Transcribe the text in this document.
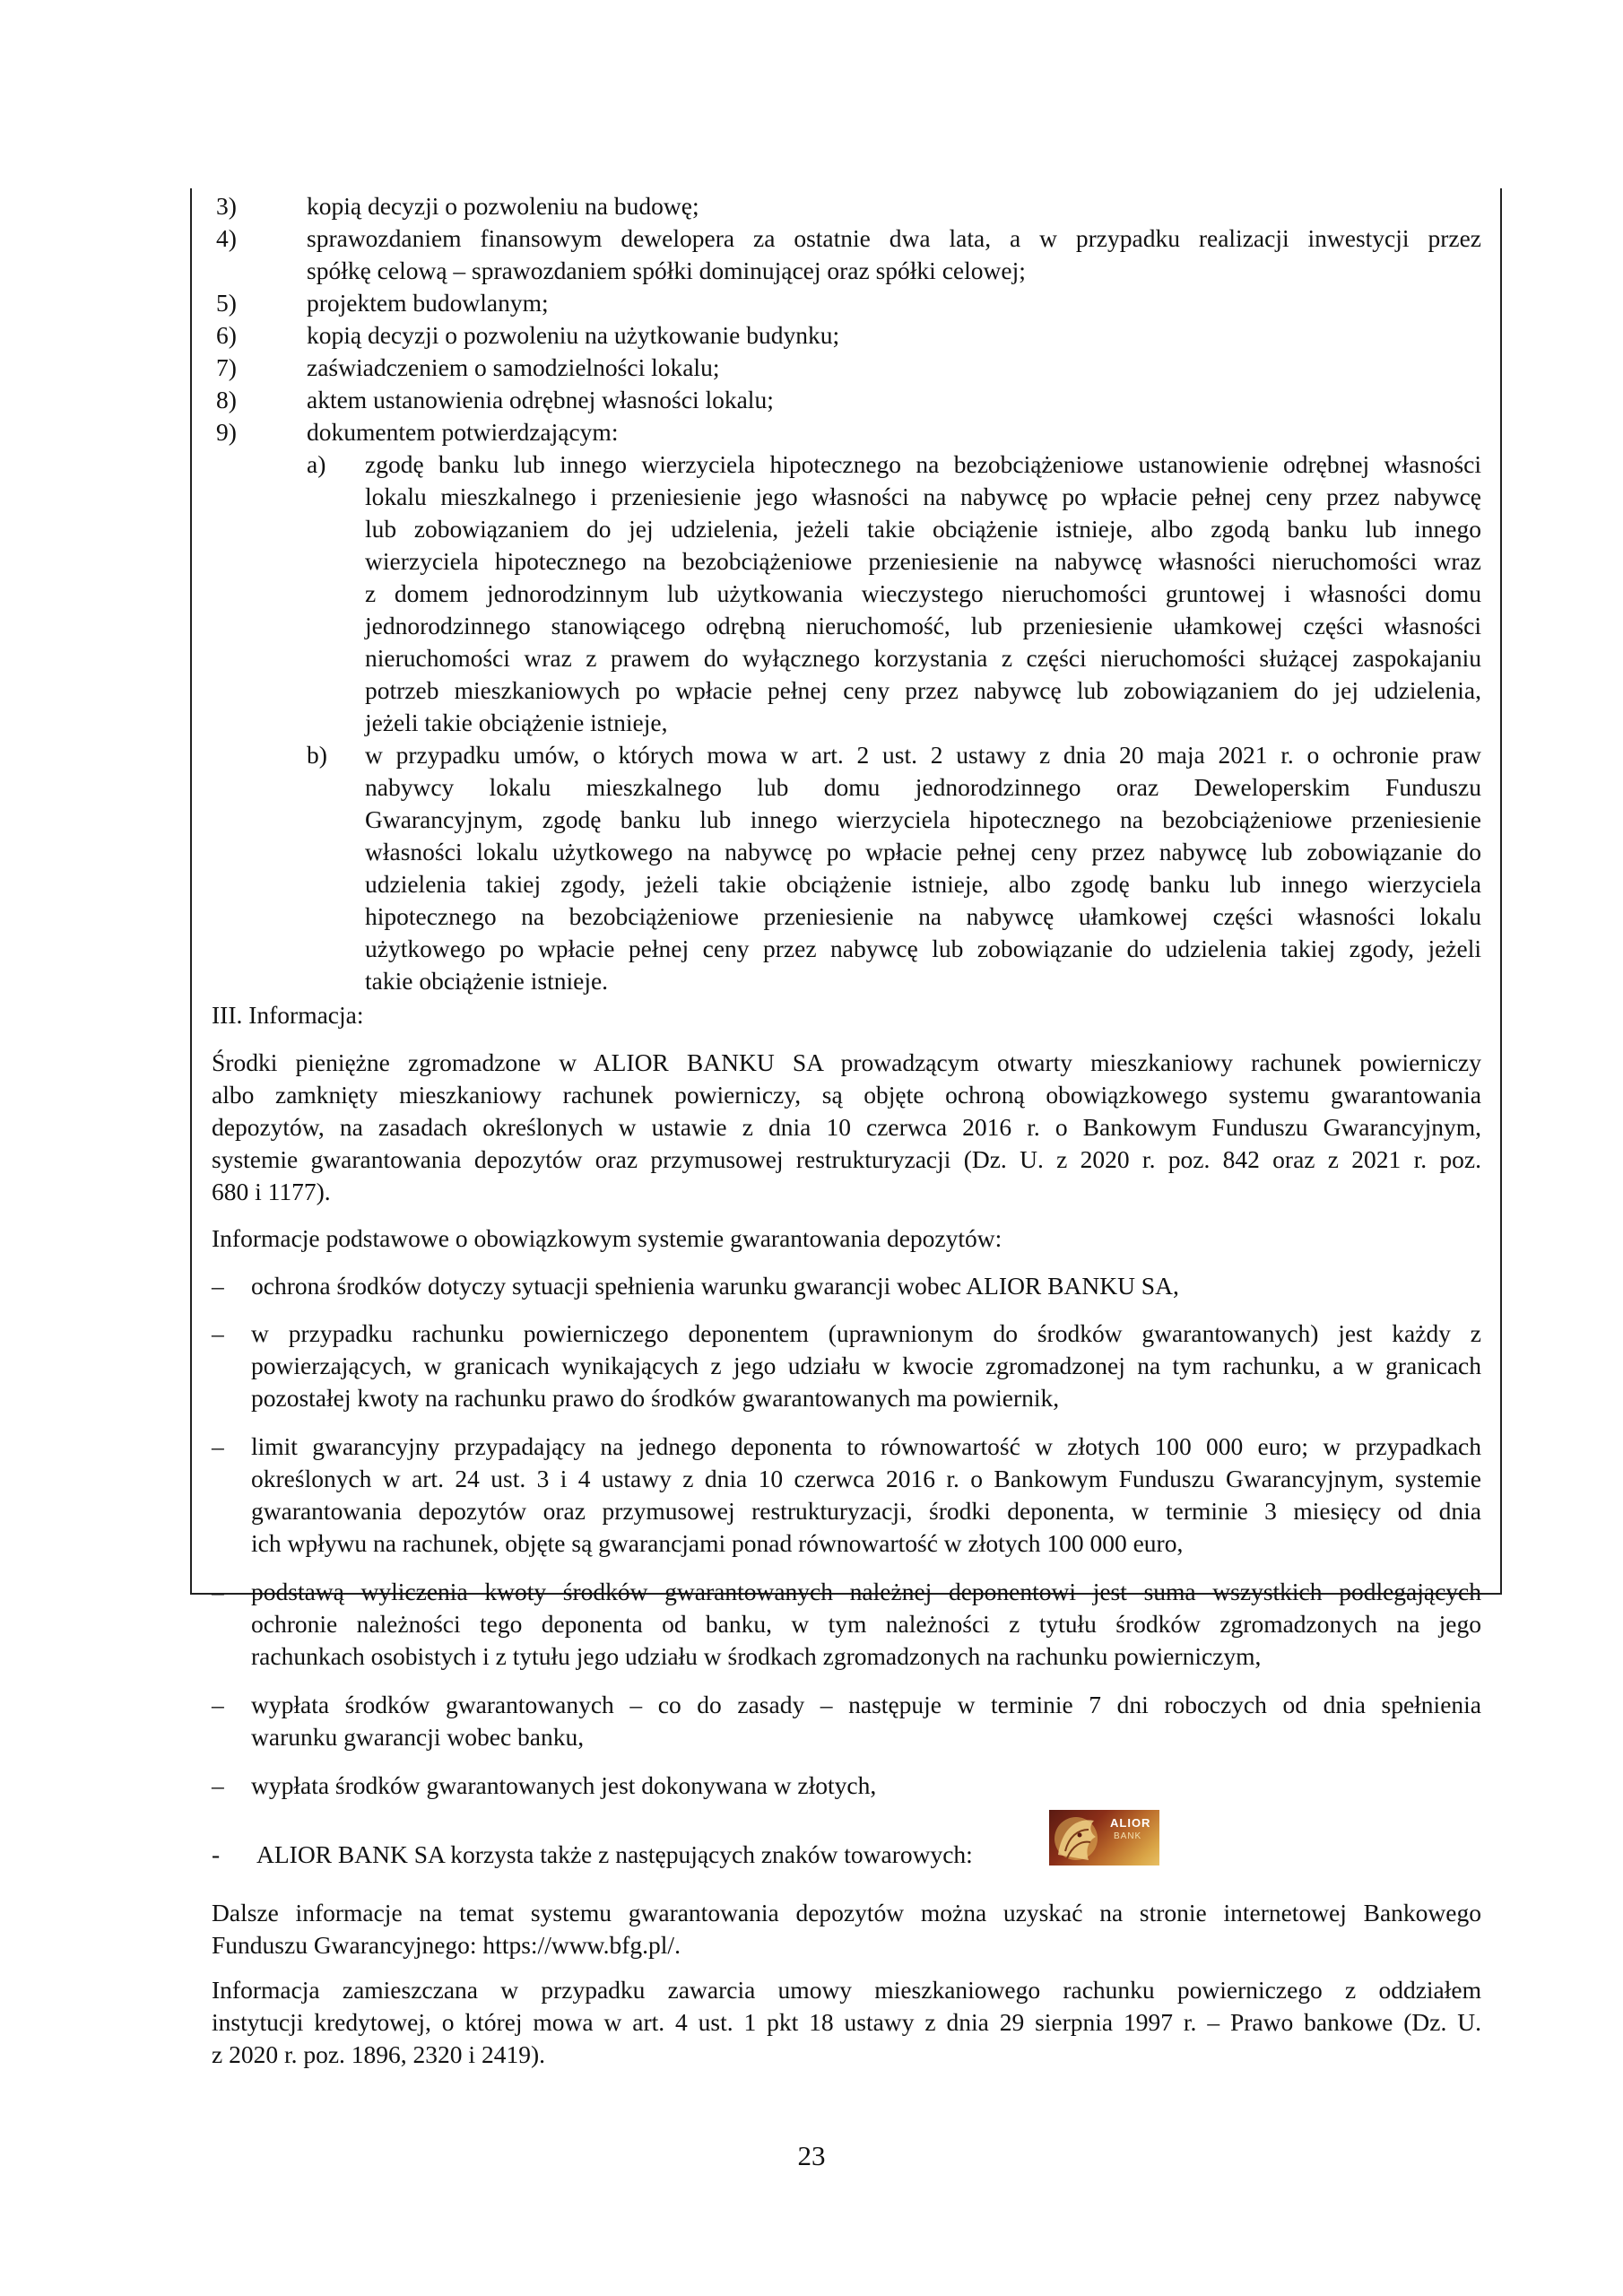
3)	kopią decyzji o pozwoleniu na budowę;
4)	sprawozdaniem finansowym dewelopera za ostatnie dwa lata, a w przypadku realizacji inwestycji przez
spółkę celową – sprawozdaniem spółki dominującej oraz spółki celowej;
5)	projektem budowlanym;
6)	kopią decyzji o pozwoleniu na użytkowanie budynku;
7)	zaświadczeniem o samodzielności lokalu;
8)	aktem ustanowienia odrębnej własności lokalu;
9)	dokumentem potwierdzającym:
a) zgodę banku lub innego wierzyciela hipotecznego na bezobciążeniowe ustanowienie odrębnej własności
lokalu mieszkalnego i przeniesienie jego własności na nabywcę po wpłacie pełnej ceny przez nabywcę
lub zobowiązaniem do jej udzielenia, jeżeli takie obciążenie istnieje, albo zgodą banku lub innego
wierzyciela hipotecznego na bezobciążeniowe przeniesienie na nabywcę własności nieruchomości wraz
z domem jednorodzinnym lub użytkowania wieczystego nieruchomości gruntowej i własności domu
jednorodzinnego stanowiącego odrębną nieruchomość, lub przeniesienie ułamkowej części własności
nieruchomości wraz z prawem do wyłącznego korzystania z części nieruchomości służącej zaspokajaniu
potrzeb mieszkaniowych po wpłacie pełnej ceny przez nabywcę lub zobowiązaniem do jej udzielenia,
jeżeli takie obciążenie istnieje,
b) w przypadku umów, o których mowa w art. 2 ust. 2 ustawy z dnia 20 maja 2021 r. o ochronie praw
nabywcy lokalu mieszkalnego lub domu jednorodzinnego oraz Deweloperskim Funduszu
Gwarancyjnym, zgodę banku lub innego wierzyciela hipotecznego na bezobciążeniowe przeniesienie
własności lokalu użytkowego na nabywcę po wpłacie pełnej ceny przez nabywcę lub zobowiązanie do
udzielenia takiej zgody, jeżeli takie obciążenie istnieje, albo zgodę banku lub innego wierzyciela
hipotecznego na bezobciążeniowe przeniesienie na nabywcę ułamkowej części własności lokalu
użytkowego po wpłacie pełnej ceny przez nabywcę lub zobowiązanie do udzielenia takiej zgody, jeżeli
takie obciążenie istnieje.
III. Informacja:
Środki pieniężne zgromadzone w ALIOR BANKU SA prowadzącym otwarty mieszkaniowy rachunek powierniczy
albo zamknięty mieszkaniowy rachunek powierniczy, są objęte ochroną obowiązkowego systemu gwarantowania
depozytów, na zasadach określonych w ustawie z dnia 10 czerwca 2016 r. o Bankowym Funduszu Gwarancyjnym,
systemie gwarantowania depozytów oraz przymusowej restrukturyzacji (Dz. U. z 2020 r. poz. 842 oraz z 2021 r. poz.
680 i 1177).
Informacje podstawowe o obowiązkowym systemie gwarantowania depozytów:
– ochrona środków dotyczy sytuacji spełnienia warunku gwarancji wobec ALIOR BANKU SA,
– w przypadku rachunku powierniczego deponentem (uprawnionym do środków gwarantowanych) jest każdy z
powierzających, w granicach wynikających z jego udziału w kwocie zgromadzonej na tym rachunku, a w granicach
pozostałej kwoty na rachunku prawo do środków gwarantowanych ma powiernik,
– limit gwarancyjny przypadający na jednego deponenta to równowartość w złotych 100 000 euro; w przypadkach
określonych w art. 24 ust. 3 i 4 ustawy z dnia 10 czerwca 2016 r. o Bankowym Funduszu Gwarancyjnym, systemie
gwarantowania depozytów oraz przymusowej restrukturyzacji, środki deponenta, w terminie 3 miesięcy od dnia
ich wpływu na rachunek, objęte są gwarancjami ponad równowartość w złotych 100 000 euro,
– podstawą wyliczenia kwoty środków gwarantowanych należnej deponentowi jest suma wszystkich podlegających
ochronie należności tego deponenta od banku, w tym należności z tytułu środków zgromadzonych na jego
rachunkach osobistych i z tytułu jego udziału w środkach zgromadzonych na rachunku powierniczym,
– wypłata środków gwarantowanych – co do zasady – następuje w terminie 7 dni roboczych od dnia spełnienia
warunku gwarancji wobec banku,
– wypłata środków gwarantowanych jest dokonywana w złotych,
- ALIOR BANK SA korzysta także z następujących znaków towarowych:
ALIOR
BANK
Dalsze informacje na temat systemu gwarantowania depozytów można uzyskać na stronie internetowej Bankowego
Funduszu Gwarancyjnego: https://www.bfg.pl/.
Informacja zamieszczana w przypadku zawarcia umowy mieszkaniowego rachunku powierniczego z oddziałem
instytucji kredytowej, o której mowa w art. 4 ust. 1 pkt 18 ustawy z dnia 29 sierpnia 1997 r. – Prawo bankowe (Dz. U.
z 2020 r. poz. 1896, 2320 i 2419).
23
